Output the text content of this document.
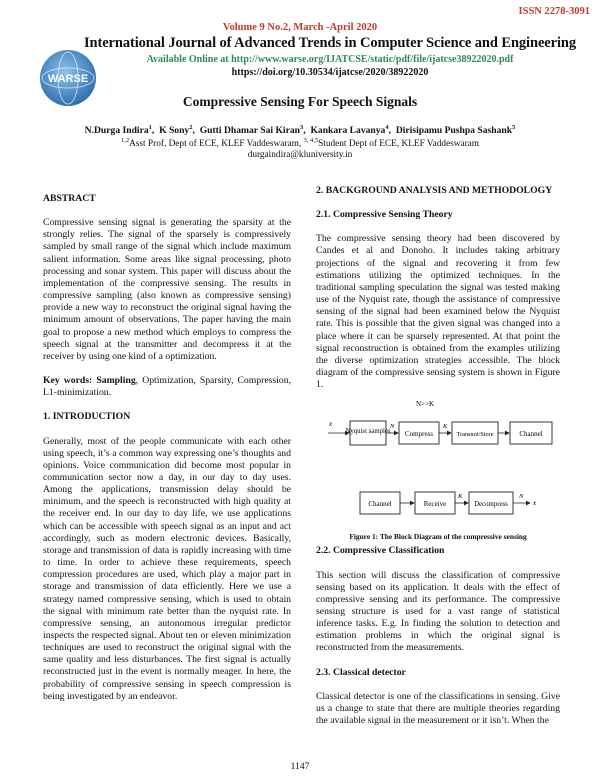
ISSN 2278-3091
Volume 9 No.2, March -April 2020
WARSE
International Journal of Advanced Trends in Computer Science and Engineering
Available Online at http://www.warse.org/IJATCSE/static/pdf/file/ijatcse38922020.pdf
https://doi.org/10.30534/ijatcse/2020/38922020
Compressive Sensing For Speech Signals
N.Durga Indira$^1$,  K Sony$^2$,  Gutti Dhamar Sai Kiran$^3$,  Kankara Lavanya$^4$,  Dirisipamu Pushpa Sashank$^5$
$^{1,2}$Asst Prof, Dept of ECE, KLEF Vaddeswaram, $^{3, 4,5}$Student Dept of ECE, KLEF Vaddeswaram
durgaindira@kluniversity.in
ABSTRACT

Compressive sensing signal is generating the sparsity at the strongly relies. The signal of the sparsely is compressively sampled by small range of the signal which include maximum salient information. Some areas like signal processing, photo processing and sonar system. This paper will discuss about the implementation of the compressive sensing. The results in compressive sampling (also known as compressive sensing) provide a new way to reconstruct the original signal having the minimum amount of observations. The paper having the main goal to propose a new method which employs to compress the speech signal at the transmitter and decompress it at the receiver by using one kind of a optimization.

Key words: Sampling, Optimization, Sparsity, Compression, L1-minimization.

1. INTRODUCTION

Generally, most of the people communicate with each other using speech, it’s a common way expressing one’s thoughts and opinions. Voice communication did become most popular in communication sector now a day, in our day to day uses. Among the applications, transmission delay should be minimum, and the speech is reconstructed with high quality at the receiver end. In our day to day life, we use applications which can be accessible with speech signal as an input and act accordingly, such as modern electronic devices. Basically, storage and transmission of data is rapidly increasing with time to time. In order to achieve these requirements, speech compression procedures are used, which play a major part in storage and transmission of data efficiently. Here we use a strategy named compressive sensing, which is used to obtain the signal with minimum rate better than the nyquist rate. In compressive sensing, an autonomous irregular predictor inspects the respected signal. About ten or eleven minimization techniques are used to reconstruct the original signal with the same quality and less disturbances. The first signal is actually reconstructed just in the event is normally meager. In here, the probability of compressive sensing in speech compression is being investigated by an endeavor.

2. BACKGROUND ANALYSIS AND METHODOLOGY
2.1. Compressive Sensing Theory

The compressive sensing theory had been discovered by Candes et al and Donoho. It includes taking arbitrary projections of the signal and recovering it from few estimations utilizing the optimized techniques. In the traditional sampling speculation the signal was tested making use of the Nyquist rate, though the assistance of compressive sensing of the signal had been examined below the Nyquist rate. This is possible that the given signal was changed into a place where it can be sparsely represented. At that point the signal reconstruction is obtained from the examples utilizing the diverse optimization strategies accessible. The block diagram of the compressive sensing system is shown in Figure 1.

N>>K
x
Nyquist samples
N
Compress
K
Transmit/Store	Channel
Channel	Receive
K
Decompress
N
x
Figure 1: The Block Diagram of the compressive sensing
2.2. Compressive Classification

This section will discuss the classification of compressive sensing based on its application. It deals with the effect of compressive sensing and its performance. The compressive sensing structure is used for a vast range of statistical inference tasks. E.g. In finding the solution to detection and estimation problems in which the original signal is reconstructed from the measurements.

2.3. Classical detector

Classical detector is one of the classifications in sensing. Give us a change to state that there are multiple theories regarding the available signal in the measurement or it isn’t. When the

1147
